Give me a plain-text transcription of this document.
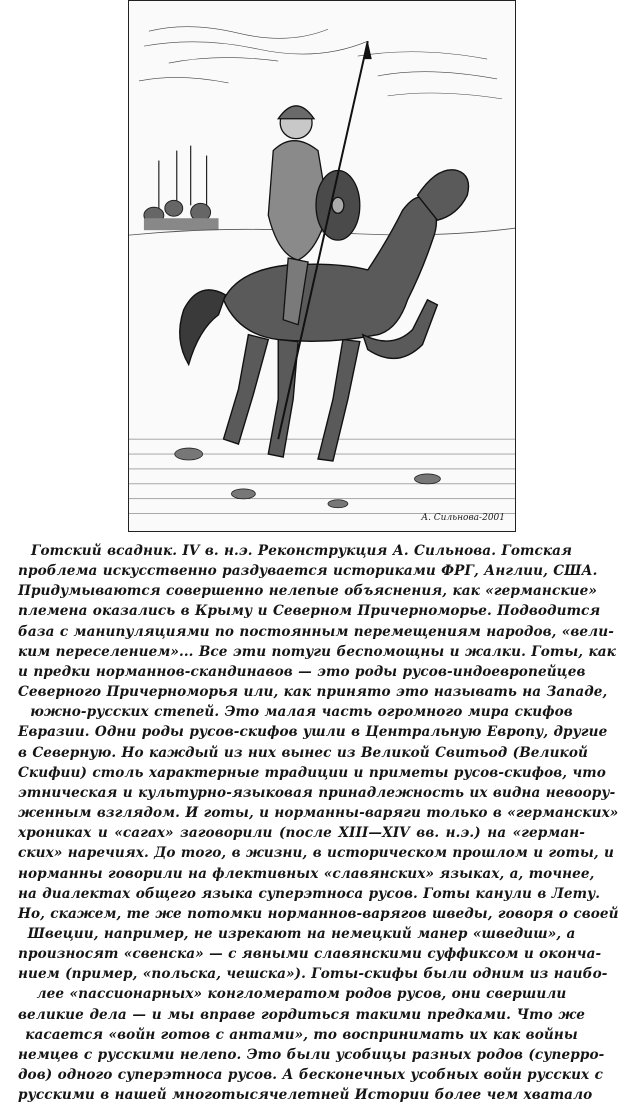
А. Сильнова-2001
Готский всадник. IV в. н.э. Реконструкция А. Сильнова. Готская
проблема искусственно раздувается историками ФРГ, Англии, США.
Придумываются совершенно нелепые объяснения, как «германские»
племена оказались в Крыму и Северном Причерноморье. Подводится
база с манипуляциями по постоянным перемещениям народов, «вели-
ким переселением»... Все эти потуги беспомощны и жалки. Готы, как
и предки норманнов-скандинавов — это роды русов-индоевропейцев
Северного Причерноморья или, как принято это называть на Западе,
южно-русских степей. Это малая часть огромного мира скифов
Евразии. Одни роды русов-скифов ушли в Центральную Европу, другие
в Северную. Но каждый из них вынес из Великой Свитьод (Великой
Скифии) столь характерные традиции и приметы русов-скифов, что
этническая и культурно-языковая принадлежность их видна невоору-
женным взглядом. И готы, и норманны-варяги только в «германских»
хрониках и «сагах» заговорили (после XIII—XIV вв. н.э.) на «герман-
ских» наречиях. До того, в жизни, в историческом прошлом и готы, и
норманны говорили на флективных «славянских» языках, а, точнее,
на диалектах общего языка суперэтноса русов. Готы канули в Лету.
Но, скажем, те же потомки норманнов-варягов шведы, говоря о своей
Швеции, например, не изрекают на немецкий манер «шведиш», а
произносят «свенска» — с явными славянскими суффиксом и оконча-
нием (пример, «польска, чешска»). Готы-скифы были одним из наибо-
лее «пассионарных» конгломератом родов русов, они свершили
великие дела — и мы вправе гордиться такими предками. Что же
касается «войн готов с антами», то воспринимать их как войны
немцев с русскими нелепо. Это были усобицы разных родов (суперро-
дов) одного суперэтноса русов. А бесконечных усобных войн русских с
русскими в нашей многотысячелетней Истории более чем хватало
